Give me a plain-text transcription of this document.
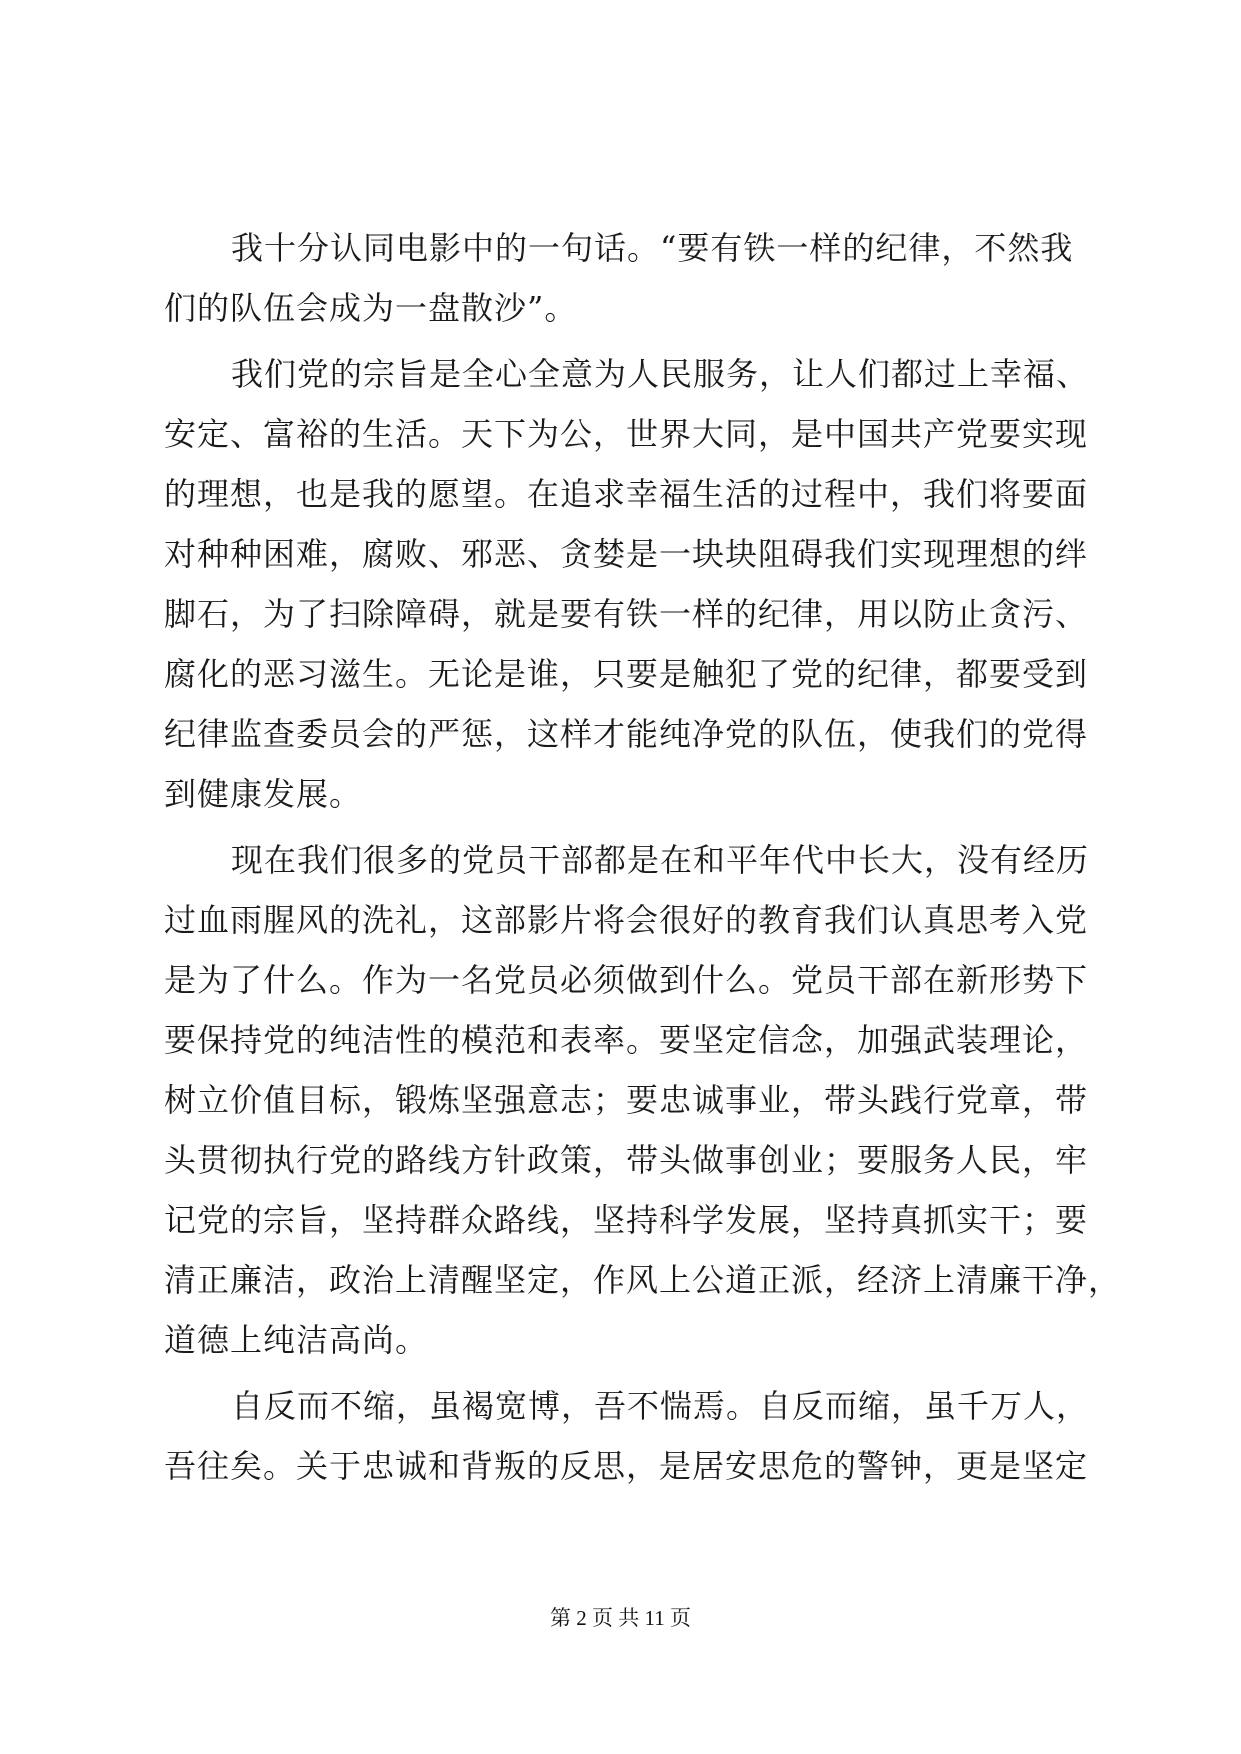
我十分认同电影中的一句话。“要有铁一样的纪律，不然我
们的队伍会成为一盘散沙”。
我们党的宗旨是全心全意为人民服务，让人们都过上幸福、
安定、富裕的生活。天下为公，世界大同，是中国共产党要实现
的理想，也是我的愿望。在追求幸福生活的过程中，我们将要面
对种种困难，腐败、邪恶、贪婪是一块块阻碍我们实现理想的绊
脚石，为了扫除障碍，就是要有铁一样的纪律，用以防止贪污、
腐化的恶习滋生。无论是谁，只要是触犯了党的纪律，都要受到
纪律监查委员会的严惩，这样才能纯净党的队伍，使我们的党得
到健康发展。
现在我们很多的党员干部都是在和平年代中长大，没有经历
过血雨腥风的洗礼，这部影片将会很好的教育我们认真思考入党
是为了什么。作为一名党员必须做到什么。党员干部在新形势下
要保持党的纯洁性的模范和表率。要坚定信念，加强武装理论，
树立价值目标，锻炼坚强意志；要忠诚事业，带头践行党章，带
头贯彻执行党的路线方针政策，带头做事创业；要服务人民，牢
记党的宗旨，坚持群众路线，坚持科学发展，坚持真抓实干；要
清正廉洁，政治上清醒坚定，作风上公道正派，经济上清廉干净，
道德上纯洁高尚。
自反而不缩，虽褐宽博，吾不惴焉。自反而缩，虽千万人，
吾往矣。关于忠诚和背叛的反思，是居安思危的警钟，更是坚定
第 2 页 共 11 页
